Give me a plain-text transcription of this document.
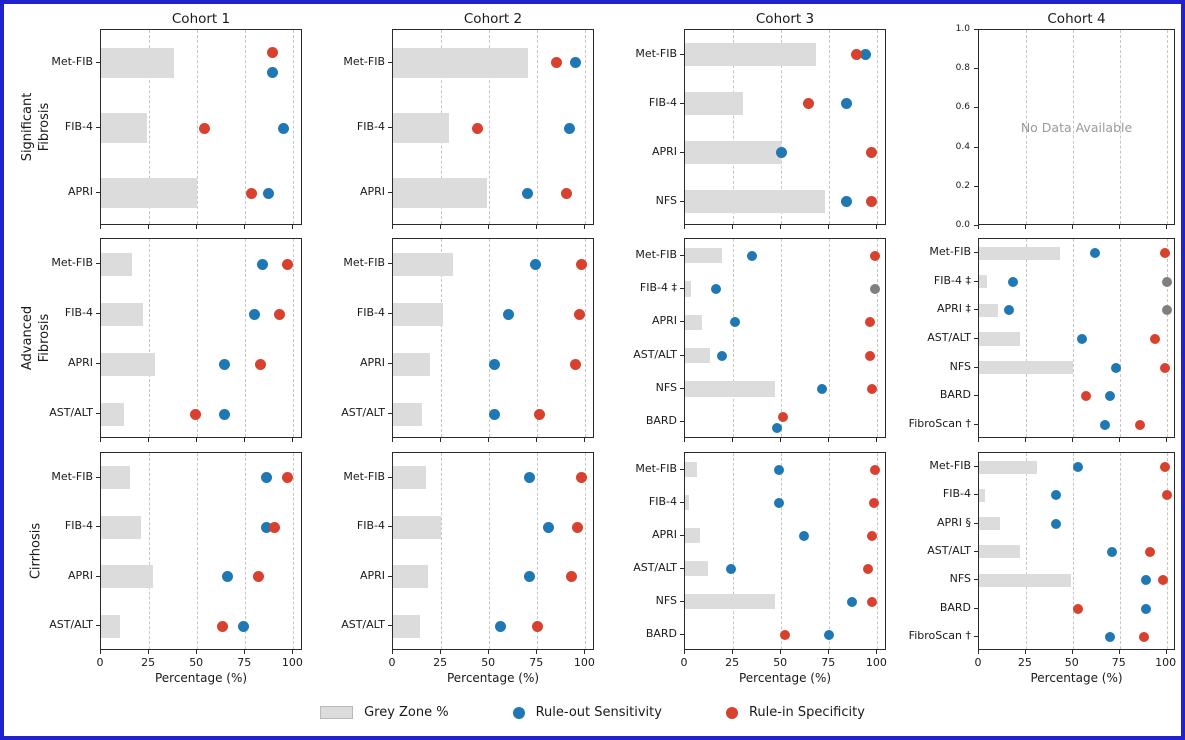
Cohort 1
Met-FIB
FIB-4
APRI
Cohort 2
Met-FIB
FIB-4
APRI
Cohort 3
Met-FIB
FIB-4
APRI
NFS
No Data Available
Cohort 4
1.0
0.8
0.6
0.4
0.2
0.0
Met-FIB
FIB-4
APRI
AST/ALT
Met-FIB
FIB-4
APRI
AST/ALT
Met-FIB
FIB-4 ‡
APRI
AST/ALT
NFS
BARD
Met-FIB
FIB-4 ‡
APRI ‡
AST/ALT
NFS
BARD
FibroScan †
0	25	50	75	100
Percentage (%)
Met-FIB
FIB-4
APRI
AST/ALT
0	25	50	75	100
Percentage (%)
Met-FIB
FIB-4
APRI
AST/ALT
0	25	50	75	100
Percentage (%)
Met-FIB
FIB-4
APRI
AST/ALT
NFS
BARD
0	25	50	75	100
Percentage (%)
Met-FIB
FIB-4
APRI §
AST/ALT
NFS
BARD
FibroScan †
Significant Fibrosis
Advanced Fibrosis
Cirrhosis
Grey Zone %	Rule-out Sensitivity	Rule-in Specificity
